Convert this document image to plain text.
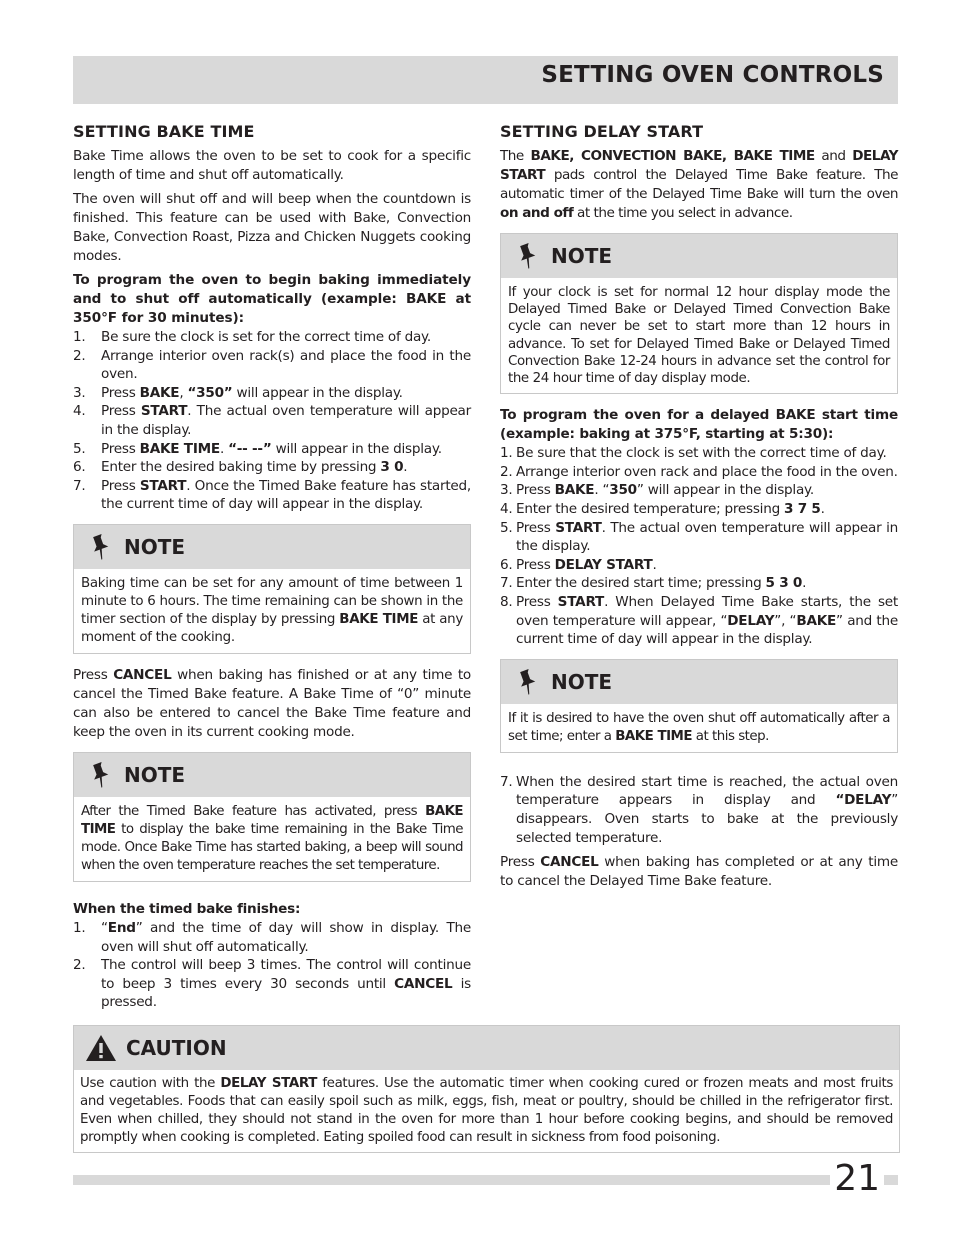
SETTING OVEN CONTROLS
SETTING BAKE TIME

Bake Time allows the oven to be set to cook for a specific length of time and shut off automatically.

The oven will shut off and will beep when the countdown is finished. This feature can be used with Bake, Convection Bake, Convection Roast, Pizza and Chicken Nuggets cooking modes.

To program the oven to begin baking immediately and to shut off automatically (example: BAKE at 350°F for 30 minutes):

1. Be sure the clock is set for the correct time of day.
2. Arrange interior oven rack(s) and place the food in the oven.
3. Press BAKE, “350” will appear in the display.
4. Press START. The actual oven temperature will appear in the display.
5. Press BAKE TIME. “-- --” will appear in the display.
6. Enter the desired baking time by pressing 3 0.
7. Press START. Once the Timed Bake feature has started, the current time of day will appear in the display.
NOTE
Baking time can be set for any amount of time between 1 minute to 6 hours. The time remaining can be shown in the timer section of the display by pressing BAKE TIME at any moment of the cooking.

Press CANCEL when baking has finished or at any time to cancel the Timed Bake feature. A Bake Time of “0” minute can also be entered to cancel the Bake Time feature and keep the oven in its current cooking mode.

NOTE
After the Timed Bake feature has activated, press BAKE TIME to display the bake time remaining in the Bake Time mode. Once Bake Time has started baking, a beep will sound when the oven temperature reaches the set temperature.

When the timed bake finishes:

1. “End” and the time of day will show in display. The oven will shut off automatically.
2. The control will beep 3 times. The control will continue to beep 3 times every 30 seconds until CANCEL is pressed.
SETTING DELAY START

The BAKE, CONVECTION BAKE, BAKE TIME and DELAY START pads control the Delayed Time Bake feature. The automatic timer of the Delayed Time Bake will turn the oven on and off at the time you select in advance.

NOTE
If your clock is set for normal 12 hour display mode the Delayed Timed Bake or Delayed Timed Convection Bake cycle can never be set to start more than 12 hours in advance. To set for Delayed Timed Bake or Delayed Timed Convection Bake 12-24 hours in advance set the control for the 24 hour time of day display mode.

To program the oven for a delayed BAKE start time (example: baking at 375°F, starting at 5:30):

1. Be sure that the clock is set with the correct time of day.
2. Arrange interior oven rack and place the food in the oven.
3. Press BAKE. “350” will appear in the display.
4. Enter the desired temperature; pressing 3 7 5.
5. Press START. The actual oven temperature will appear in the display.
6. Press DELAY START.
7. Enter the desired start time; pressing 5 3 0.
8. Press START. When Delayed Time Bake starts, the set oven temperature will appear, “DELAY”, “BAKE” and the current time of day will appear in the display.
NOTE
If it is desired to have the oven shut off automatically after a set time; enter a BAKE TIME at this step.
7. When the desired start time is reached, the actual oven temperature appears in display and “DELAY” disappears. Oven starts to bake at the previously selected temperature.

Press CANCEL when baking has completed or at any time to cancel the Delayed Time Bake feature.

CAUTION
Use caution with the DELAY START features. Use the automatic timer when cooking cured or frozen meats and most fruits and vegetables. Foods that can easily spoil such as milk, eggs, fish, meat or poultry, should be chilled in the refrigerator first. Even when chilled, they should not stand in the oven for more than 1 hour before cooking begins, and should be removed promptly when cooking is completed. Eating spoiled food can result in sickness from food poisoning.
21
